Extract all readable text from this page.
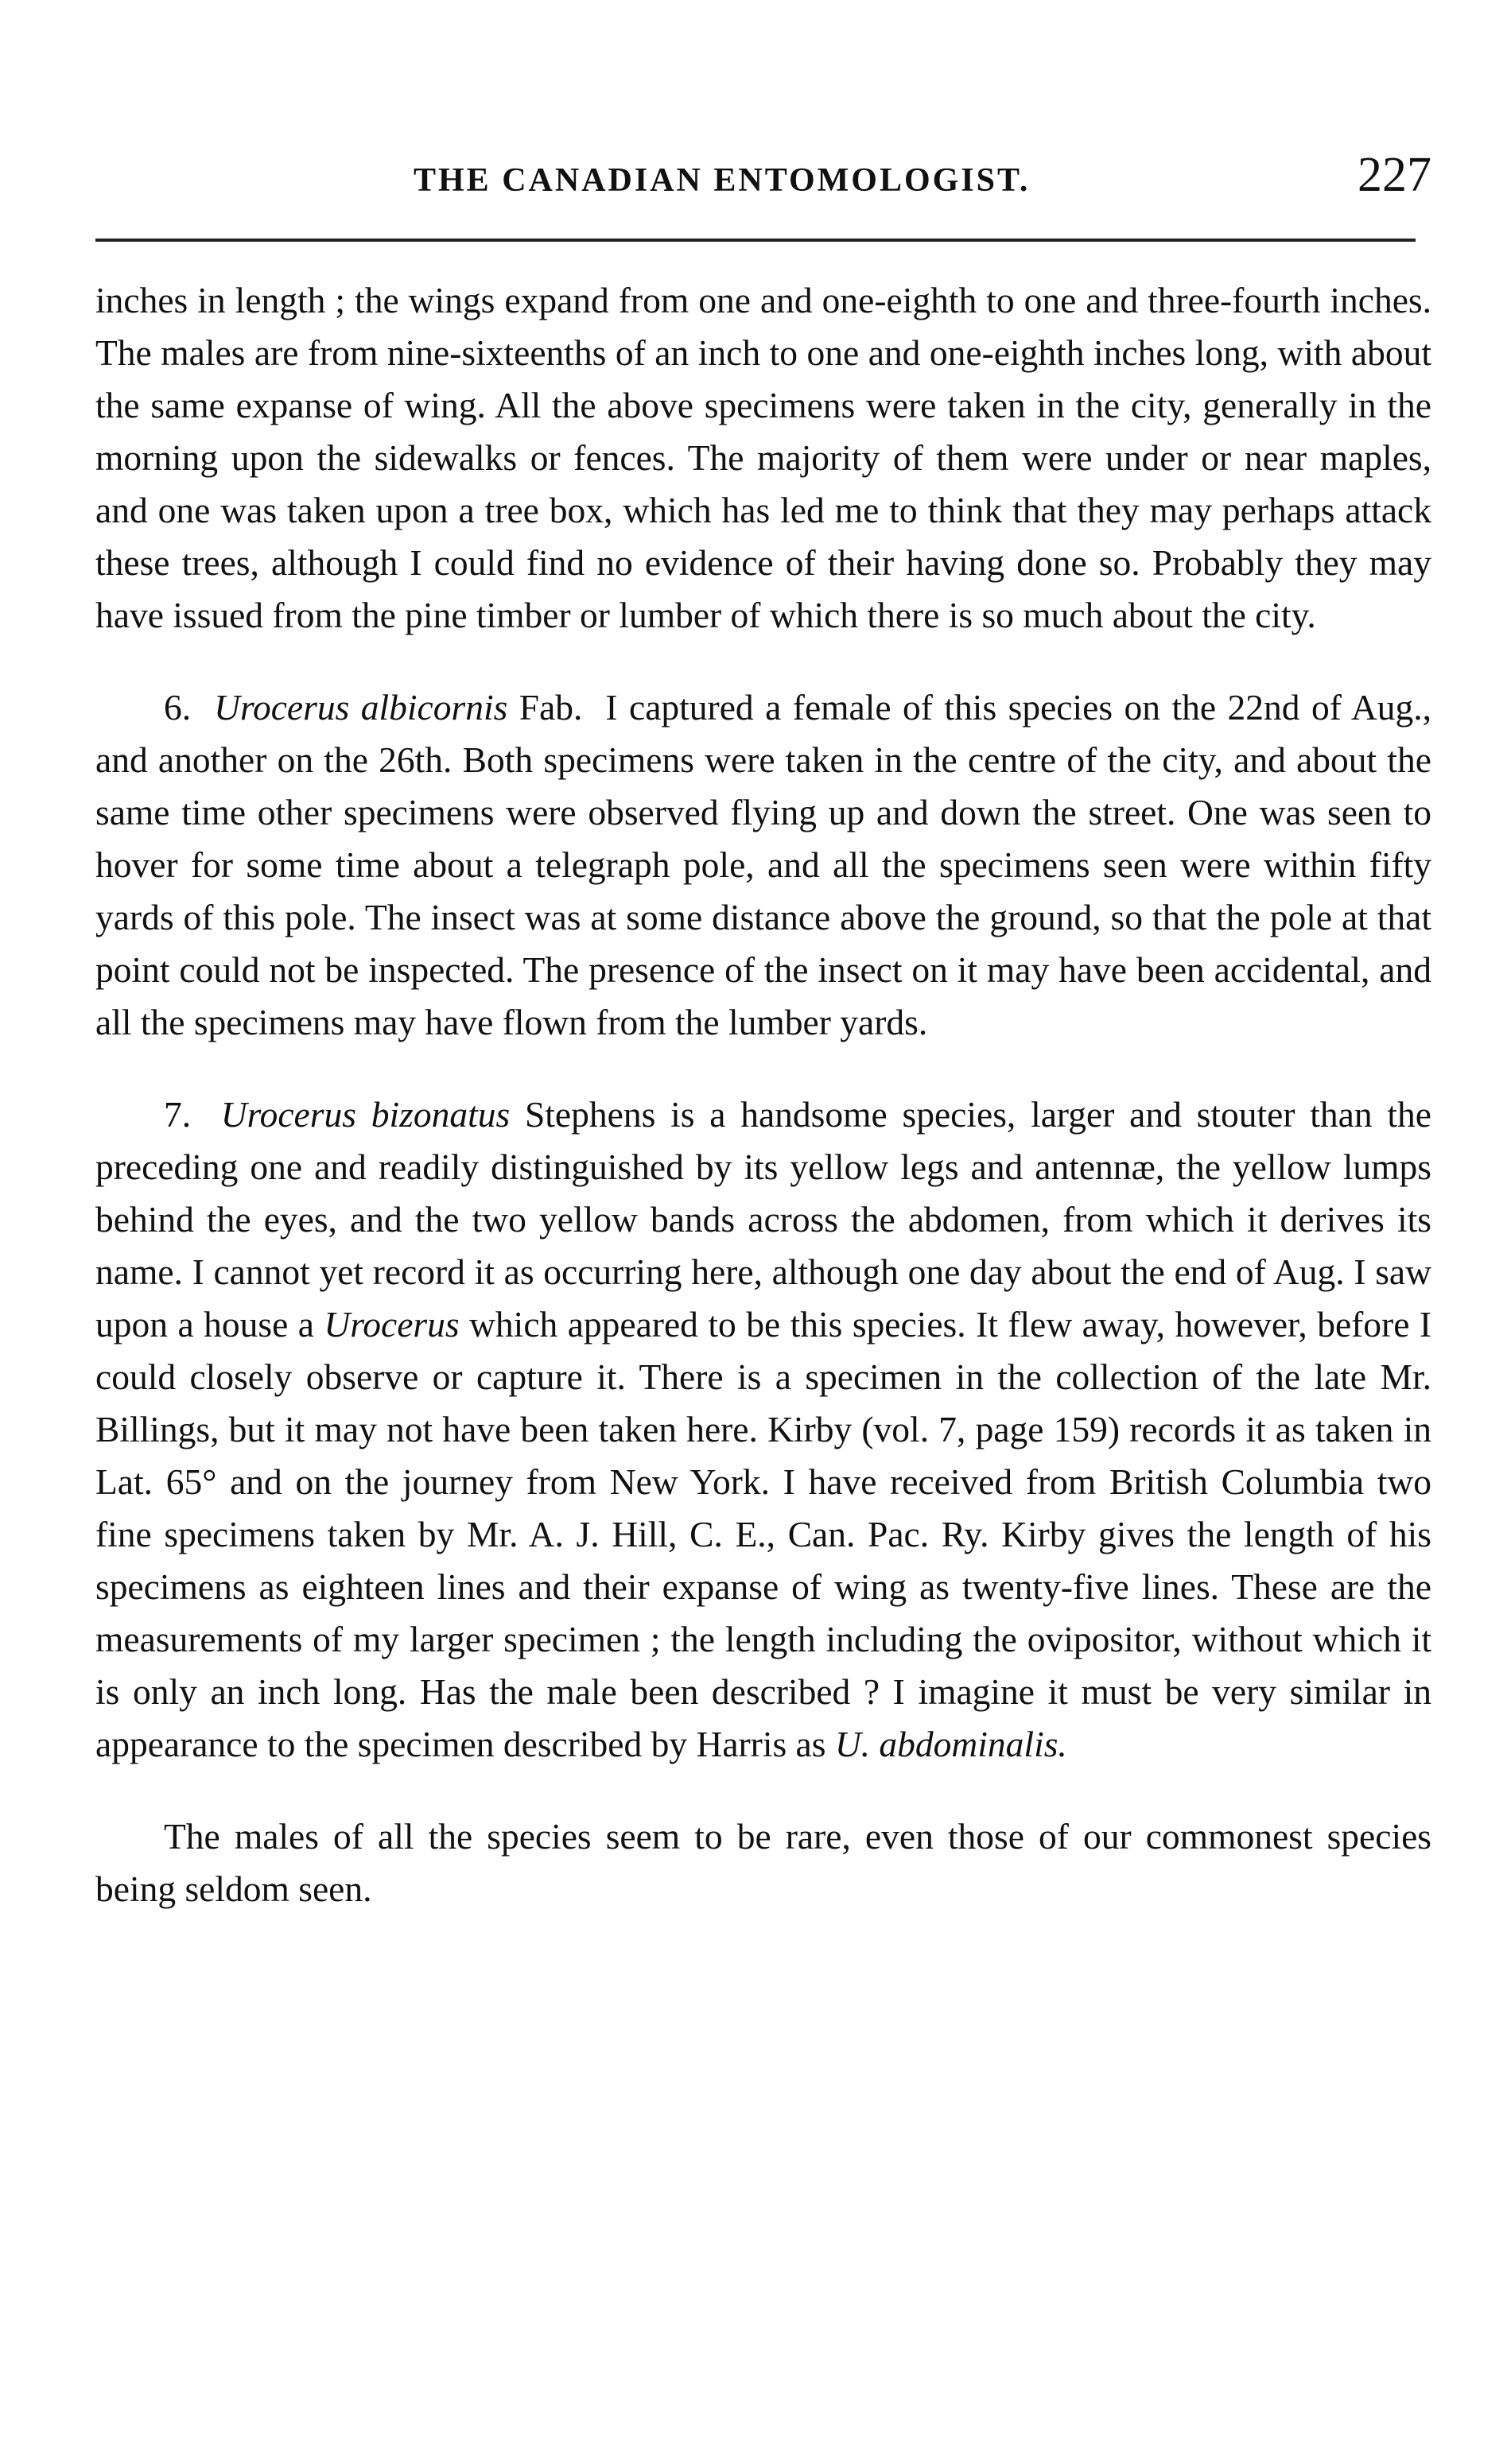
THE CANADIAN ENTOMOLOGIST.	227

inches in length ; the wings expand from one and one-eighth to one and three-fourth inches. The males are from nine-sixteenths of an inch to one and one-eighth inches long, with about the same expanse of wing. All the above specimens were taken in the city, generally in the morning upon the sidewalks or fences. The majority of them were under or near maples, and one was taken upon a tree box, which has led me to think that they may perhaps attack these trees, although I could find no evidence of their having done so. Probably they may have issued from the pine timber or lumber of which there is so much about the city.

6. Urocerus albicornis Fab. I captured a female of this species on the 22nd of Aug., and another on the 26th. Both specimens were taken in the centre of the city, and about the same time other specimens were observed flying up and down the street. One was seen to hover for some time about a telegraph pole, and all the specimens seen were within fifty yards of this pole. The insect was at some distance above the ground, so that the pole at that point could not be inspected. The presence of the insect on it may have been accidental, and all the specimens may have flown from the lumber yards.

7. Urocerus bizonatus Stephens is a handsome species, larger and stouter than the preceding one and readily distinguished by its yellow legs and antennæ, the yellow lumps behind the eyes, and the two yellow bands across the abdomen, from which it derives its name. I cannot yet record it as occurring here, although one day about the end of Aug. I saw upon a house a Urocerus which appeared to be this species. It flew away, however, before I could closely observe or capture it. There is a specimen in the collection of the late Mr. Billings, but it may not have been taken here. Kirby (vol. 7, page 159) records it as taken in Lat. 65° and on the journey from New York. I have received from British Columbia two fine specimens taken by Mr. A. J. Hill, C. E., Can. Pac. Ry. Kirby gives the length of his specimens as eighteen lines and their expanse of wing as twenty-five lines. These are the measurements of my larger specimen ; the length including the ovipositor, without which it is only an inch long. Has the male been described ? I imagine it must be very similar in appearance to the specimen described by Harris as U. abdominalis.

The males of all the species seem to be rare, even those of our commonest species being seldom seen.
